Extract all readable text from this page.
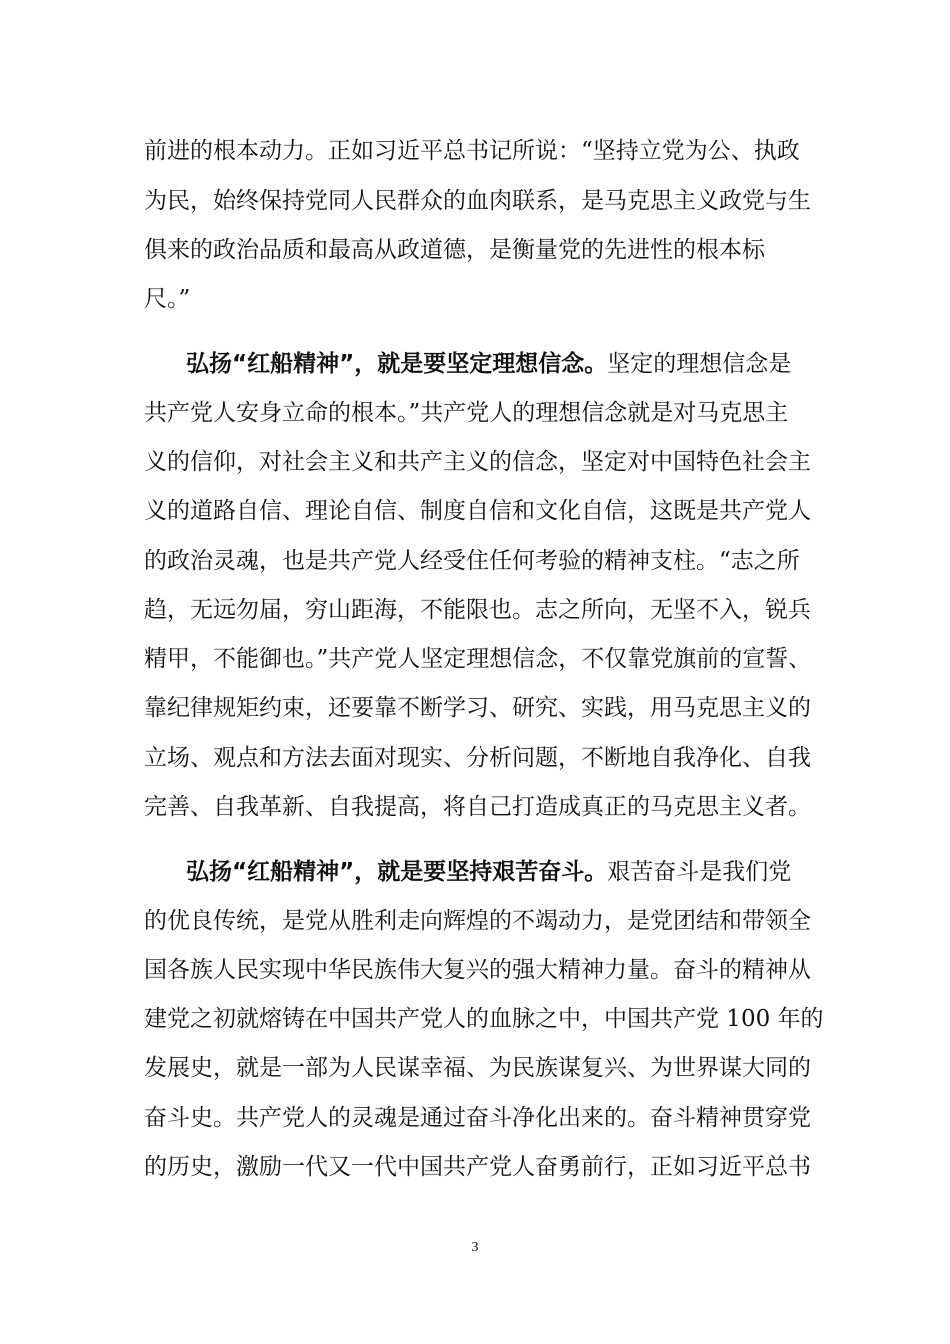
前进的根本动力。正如习近平总书记所说：“坚持立党为公、执政
为民，始终保持党同人民群众的血肉联系，是马克思主义政党与生
俱来的政治品质和最高从政道德，是衡量党的先进性的根本标
尺。”
弘扬“红船精神”，就是要坚定理想信念。坚定的理想信念是
共产党人安身立命的根本。”共产党人的理想信念就是对马克思主
义的信仰，对社会主义和共产主义的信念，坚定对中国特色社会主
义的道路自信、理论自信、制度自信和文化自信，这既是共产党人
的政治灵魂，也是共产党人经受住任何考验的精神支柱。“志之所
趋，无远勿届，穷山距海，不能限也。志之所向，无坚不入，锐兵
精甲，不能御也。”共产党人坚定理想信念，不仅靠党旗前的宣誓、
靠纪律规矩约束，还要靠不断学习、研究、实践，用马克思主义的
立场、观点和方法去面对现实、分析问题，不断地自我净化、自我
完善、自我革新、自我提高，将自己打造成真正的马克思主义者。
弘扬“红船精神”，就是要坚持艰苦奋斗。艰苦奋斗是我们党
的优良传统，是党从胜利走向辉煌的不竭动力，是党团结和带领全
国各族人民实现中华民族伟大复兴的强大精神力量。奋斗的精神从
建党之初就熔铸在中国共产党人的血脉之中，中国共产党 100 年的
发展史，就是一部为人民谋幸福、为民族谋复兴、为世界谋大同的
奋斗史。共产党人的灵魂是通过奋斗净化出来的。奋斗精神贯穿党
的历史，激励一代又一代中国共产党人奋勇前行，正如习近平总书
3
